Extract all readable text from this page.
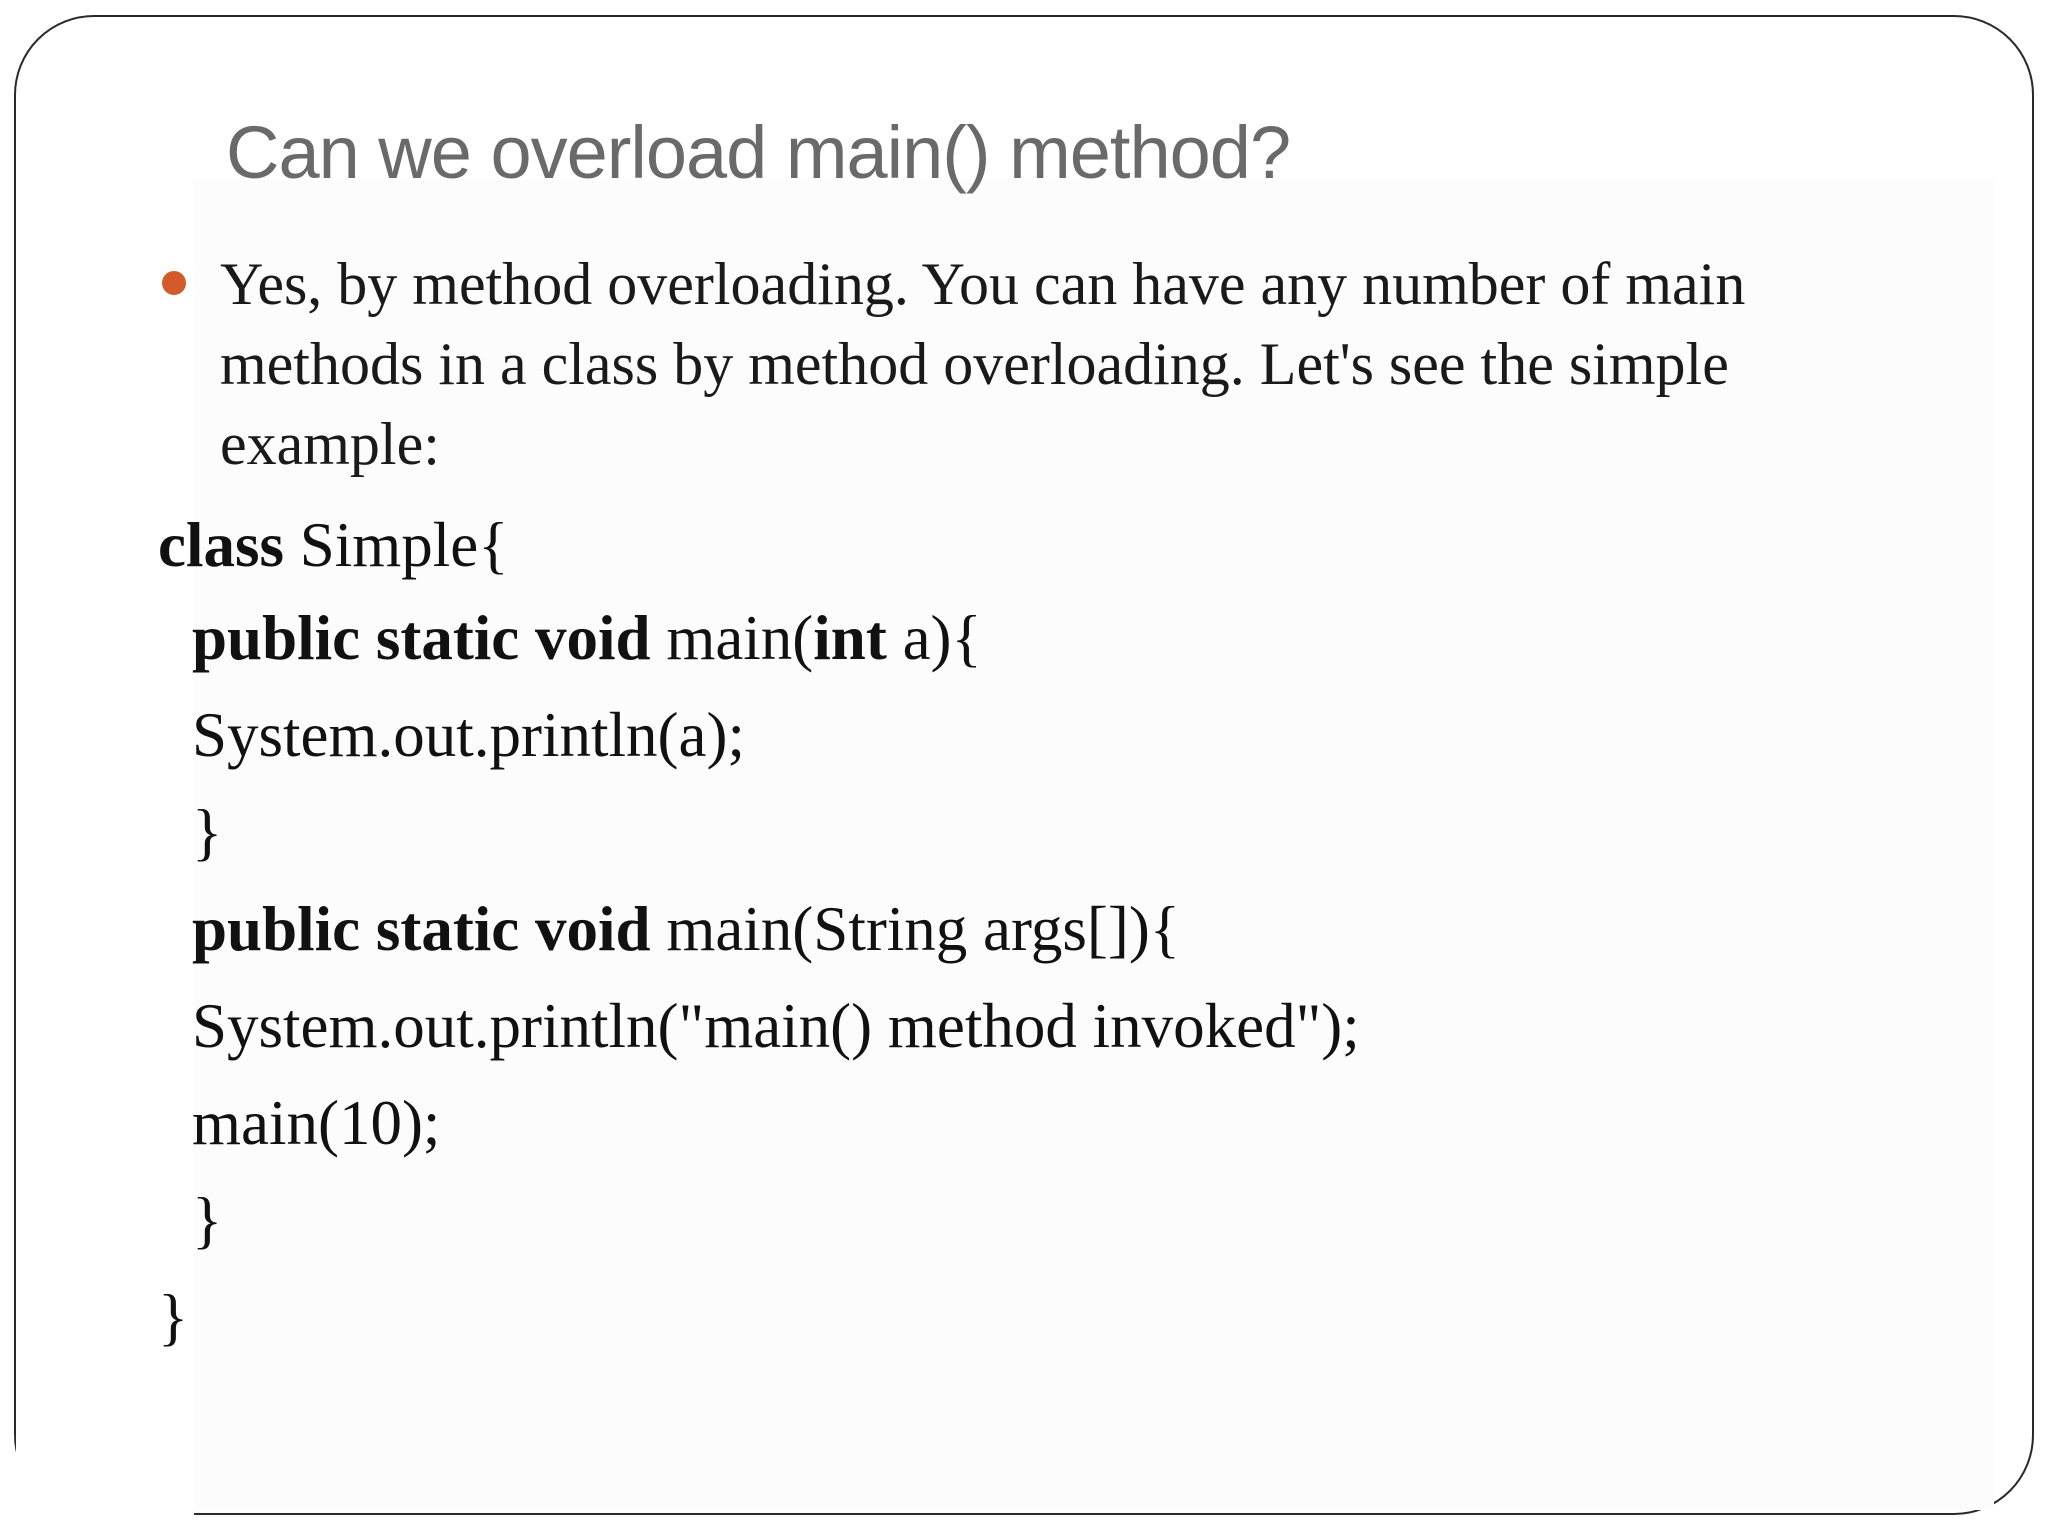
Can we overload main() method?

Yes, by method overloading. You can have any number of main methods in a class by method overloading. Let's see the simple example:

class Simple{
public static void main(int a){
System.out.println(a);
}
public static void main(String args[]){
System.out.println("main() method invoked");
main(10);
}
}
